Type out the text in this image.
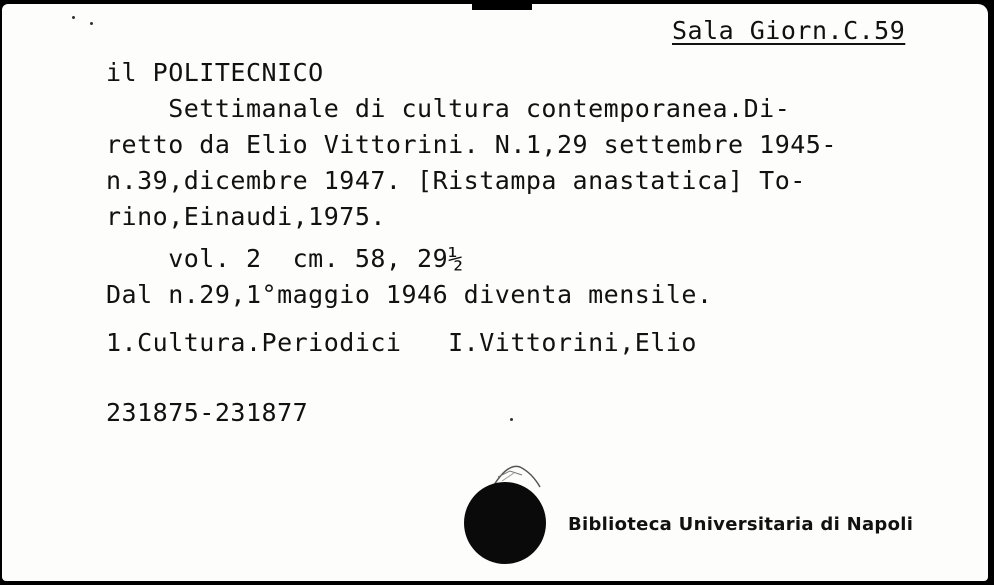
Sala Giorn.C.59
il POLITECNICO
Settimanale di cultura contemporanea.Di-
retto da Elio Vittorini. N.1,29 settembre 1945-
n.39,dicembre 1947. [Ristampa anastatica] To-
rino,Einaudi,1975.
vol. 2  cm. 58, 29½
Dal n.29,1°maggio 1946 diventa mensile.
1.Cultura.Periodici   I.Vittorini,Elio
231875-231877
Biblioteca Universitaria di Napoli
